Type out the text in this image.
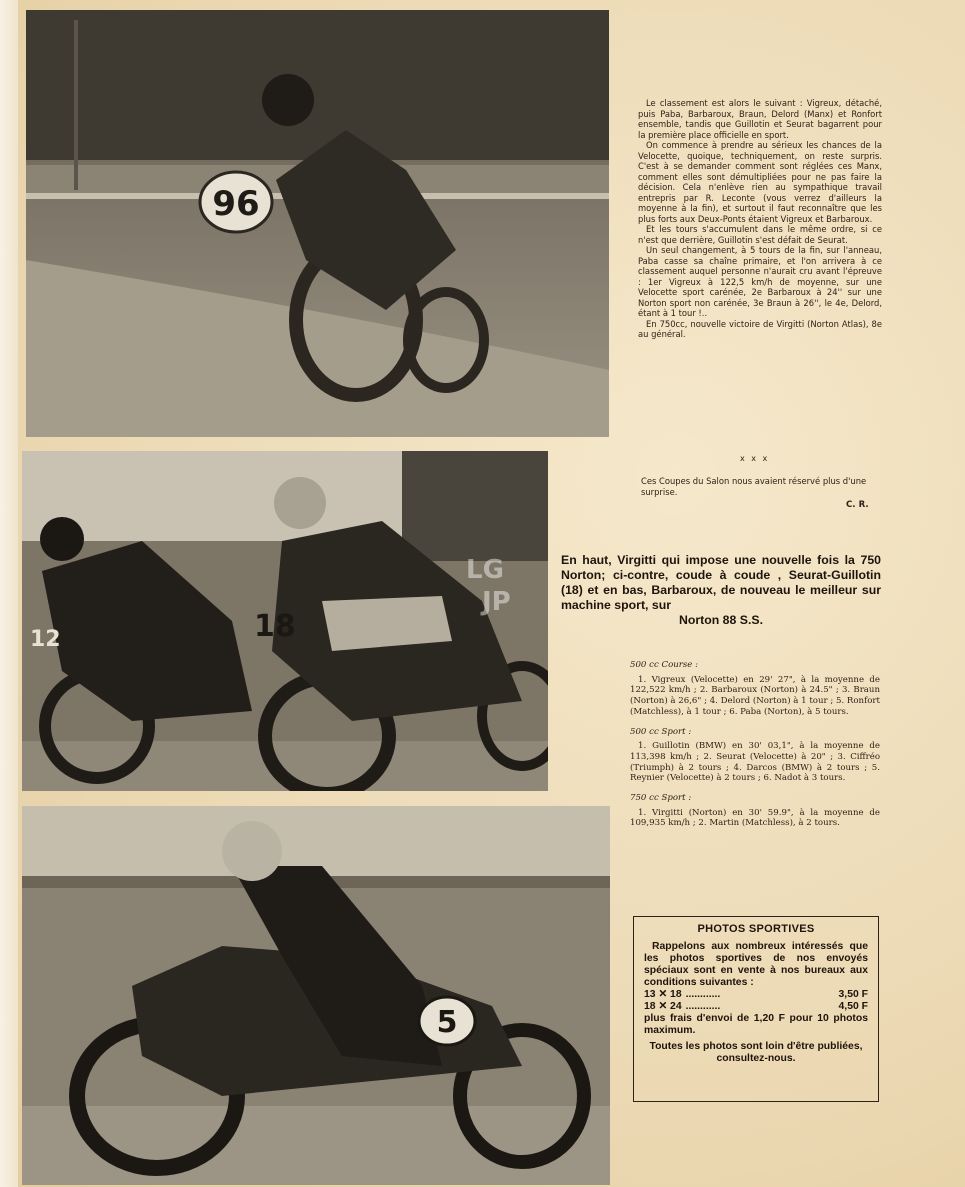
96

Le classement est alors le suivant : Vigreux, détaché, puis Paba, Barbaroux, Braun, Delord (Manx) et Ronfort ensemble, tandis que Guillotin et Seurat bagarrent pour la première place officielle en sport.

On commence à prendre au sérieux les chances de la Velocette, quoique, techniquement, on reste surpris. C'est à se demander comment sont réglées ces Manx, comment elles sont démultipliées pour ne pas faire la décision. Cela n'enlève rien au sympathique travail entrepris par R. Leconte (vous verrez d'ailleurs la moyenne à la fin), et surtout il faut reconnaître que les plus forts aux Deux-Ponts étaient Vigreux et Barbaroux.

Et les tours s'accumulent dans le même ordre, si ce n'est que derrière, Guillotin s'est défait de Seurat.

Un seul changement, à 5 tours de la fin, sur l'anneau, Paba casse sa chaîne primaire, et l'on arrivera à ce classement auquel personne n'aurait cru avant l'épreuve : 1er Vigreux à 122,5 km/h de moyenne, sur une Velocette sport carénée, 2e Barbaroux à 24'' sur une Norton sport non carénée, 3e Braun à 26'', le 4e, Delord, étant à 1 tour !..

En 750cc, nouvelle victoire de Virgitti (Norton Atlas), 8e au général.

x x x
Ces Coupes du Salon nous avaient réservé plus d'une surprise.
C. R.
12	18
LG
JP
En haut, Virgitti qui impose une nouvelle fois la 750 Norton; ci-contre, coude à coude , Seurat-Guillotin (18) et en bas, Barbaroux, de nouveau le meilleur sur machine sport, sur
Norton 88 S.S.

500 cc Course :

1. Vigreux (Velocette) en 29' 27", à la moyenne de 122,522 km/h ; 2. Barbaroux (Norton) à 24.5" ; 3. Braun (Norton) à 26,6" ; 4. Delord (Norton) à 1 tour ; 5. Ronfort (Matchless), à 1 tour ; 6. Paba (Norton), à 5 tours.

500 cc Sport :

1. Guillotin (BMW) en 30' 03,1", à la moyenne de 113,398 km/h ; 2. Seurat (Velocette) à 20" ; 3. Ciffréo (Triumph) à 2 tours ; 4. Darcos (BMW) à 2 tours ; 5. Reynier (Velocette) à 2 tours ; 6. Nadot à 3 tours.

750 cc Sport :

1. Virgitti (Norton) en 30' 59.9", à la moyenne de 109,935 km/h ; 2. Martin (Matchless), à 2 tours.

5
PHOTOS SPORTIVES
Rappelons aux nombreux intéressés que les photos sportives de nos envoyés spéciaux sont en vente à nos bureaux aux conditions suivantes :
13 ✕ 18 ............	3,50 F
18 ✕ 24 ............	4,50 F
plus frais d'envoi de 1,20 F pour 10 photos maximum.
Toutes les photos sont loin d'être publiées, consultez-nous.
